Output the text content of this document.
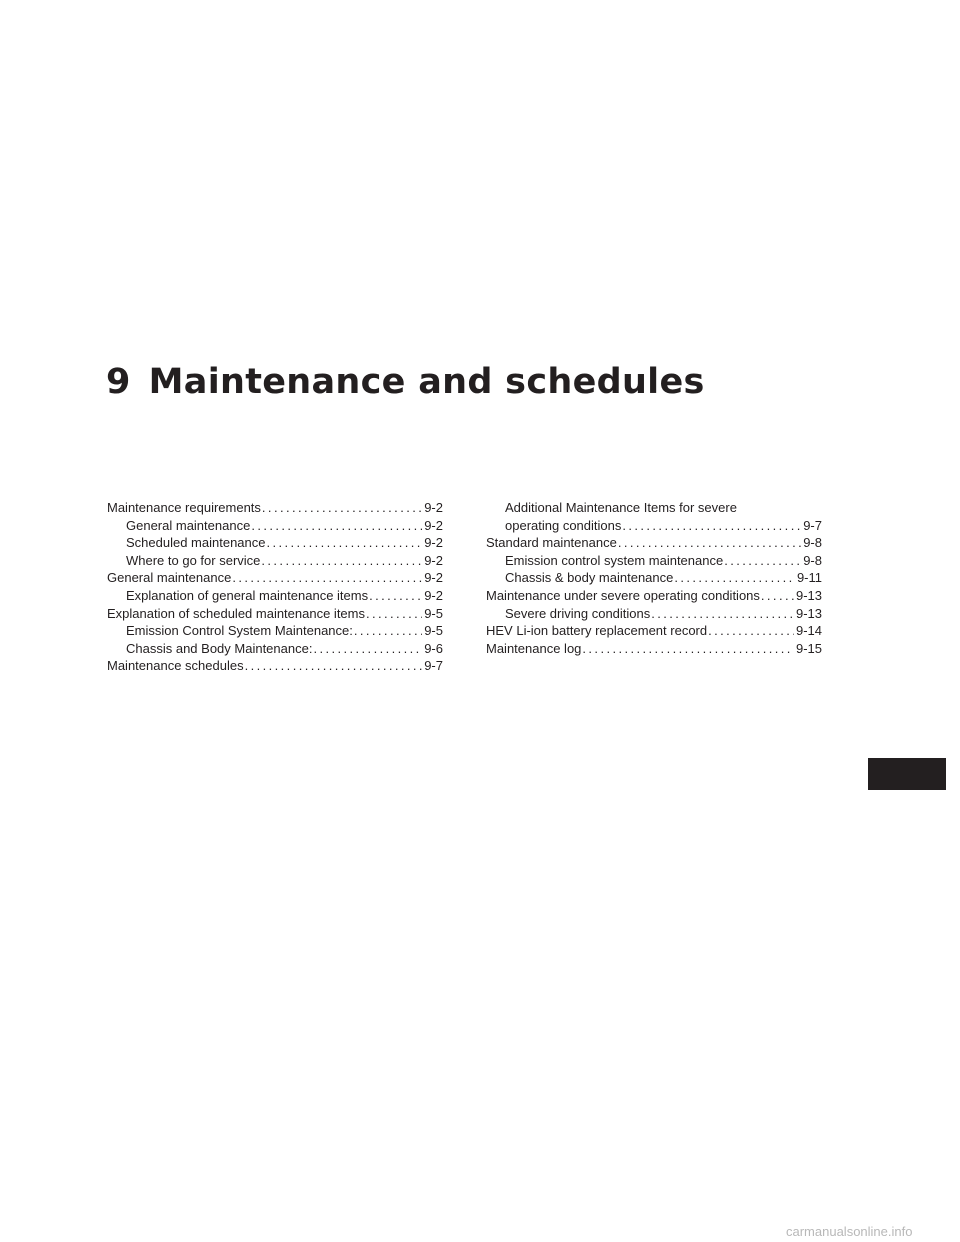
9 Maintenance and schedules
Maintenance requirements .....	9-2
General maintenance .....	9-2
Scheduled maintenance .....	9-2
Where to go for service .....	9-2
General maintenance .....	9-2
Explanation of general maintenance items .....	9-2
Explanation of scheduled maintenance items .....	9-5
Emission Control System Maintenance: .....	9-5
Chassis and Body Maintenance: .....	9-6
Maintenance schedules .....	9-7
Additional Maintenance Items for severe
operating conditions .....	9-7
Standard maintenance .....	9-8
Emission control system maintenance .....	9-8
Chassis & body maintenance .....	9-11
Maintenance under severe operating conditions .....	9-13
Severe driving conditions .....	9-13
HEV Li-ion battery replacement record .....	9-14
Maintenance log .....	9-15
carmanualsonline.info
